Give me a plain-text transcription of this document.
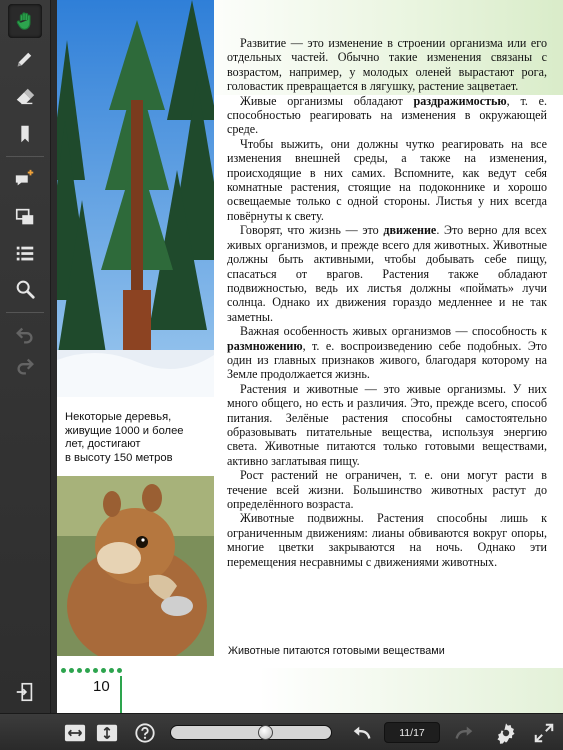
Некоторые деревья,
живущие 1000 и более
лет, достигают
в высоту 150 метров

Развитие — это изменение в строении организма или его отдельных частей. Обычно такие изменения связаны с возрастом, например, у молодых оленей вырастают рога, головастик превращается в лягушку, растение зацветает.

Живые организмы обладают раздражимостью, т. е. способностью реагировать на изменения в окружающей среде.

Чтобы выжить, они должны чутко реагировать на все изменения внешней среды, а также на изменения, происходящие в них самих. Вспомните, как ведут себя комнатные растения, стоящие на подоконнике и хорошо освещаемые только с одной стороны. Листья у них всегда повёрнуты к свету.

Говорят, что жизнь — это движение. Это верно для всех живых организмов, и прежде всего для животных. Животные должны быть активными, чтобы добывать себе пищу, спасаться от врагов. Растения также обладают подвижностью, ведь их листья должны «поймать» лучи солнца. Однако их движения гораздо медленнее и не так заметны.

Важная особенность живых организмов — способность к размножению, т. е. воспроизведению себе подобных. Это один из главных признаков живого, благодаря которому на Земле продолжается жизнь.

Растения и животные — это живые организмы. У них много общего, но есть и различия. Это, прежде всего, способ питания. Зелёные растения способны самостоятельно образовывать питательные вещества, используя энергию света. Животные питаются только готовыми веществами, активно заглатывая пищу.

Рост растений не ограничен, т. е. они могут расти в течение всей жизни. Большинство животных растут до определённого возраста.

Животные подвижны. Растения способны лишь к ограниченным движениям: лианы обвиваются вокруг опоры, многие цветки закрываются на ночь. Однако эти перемещения несравнимы с движениями животных.

Животные питаются готовыми веществами
10
11/17
